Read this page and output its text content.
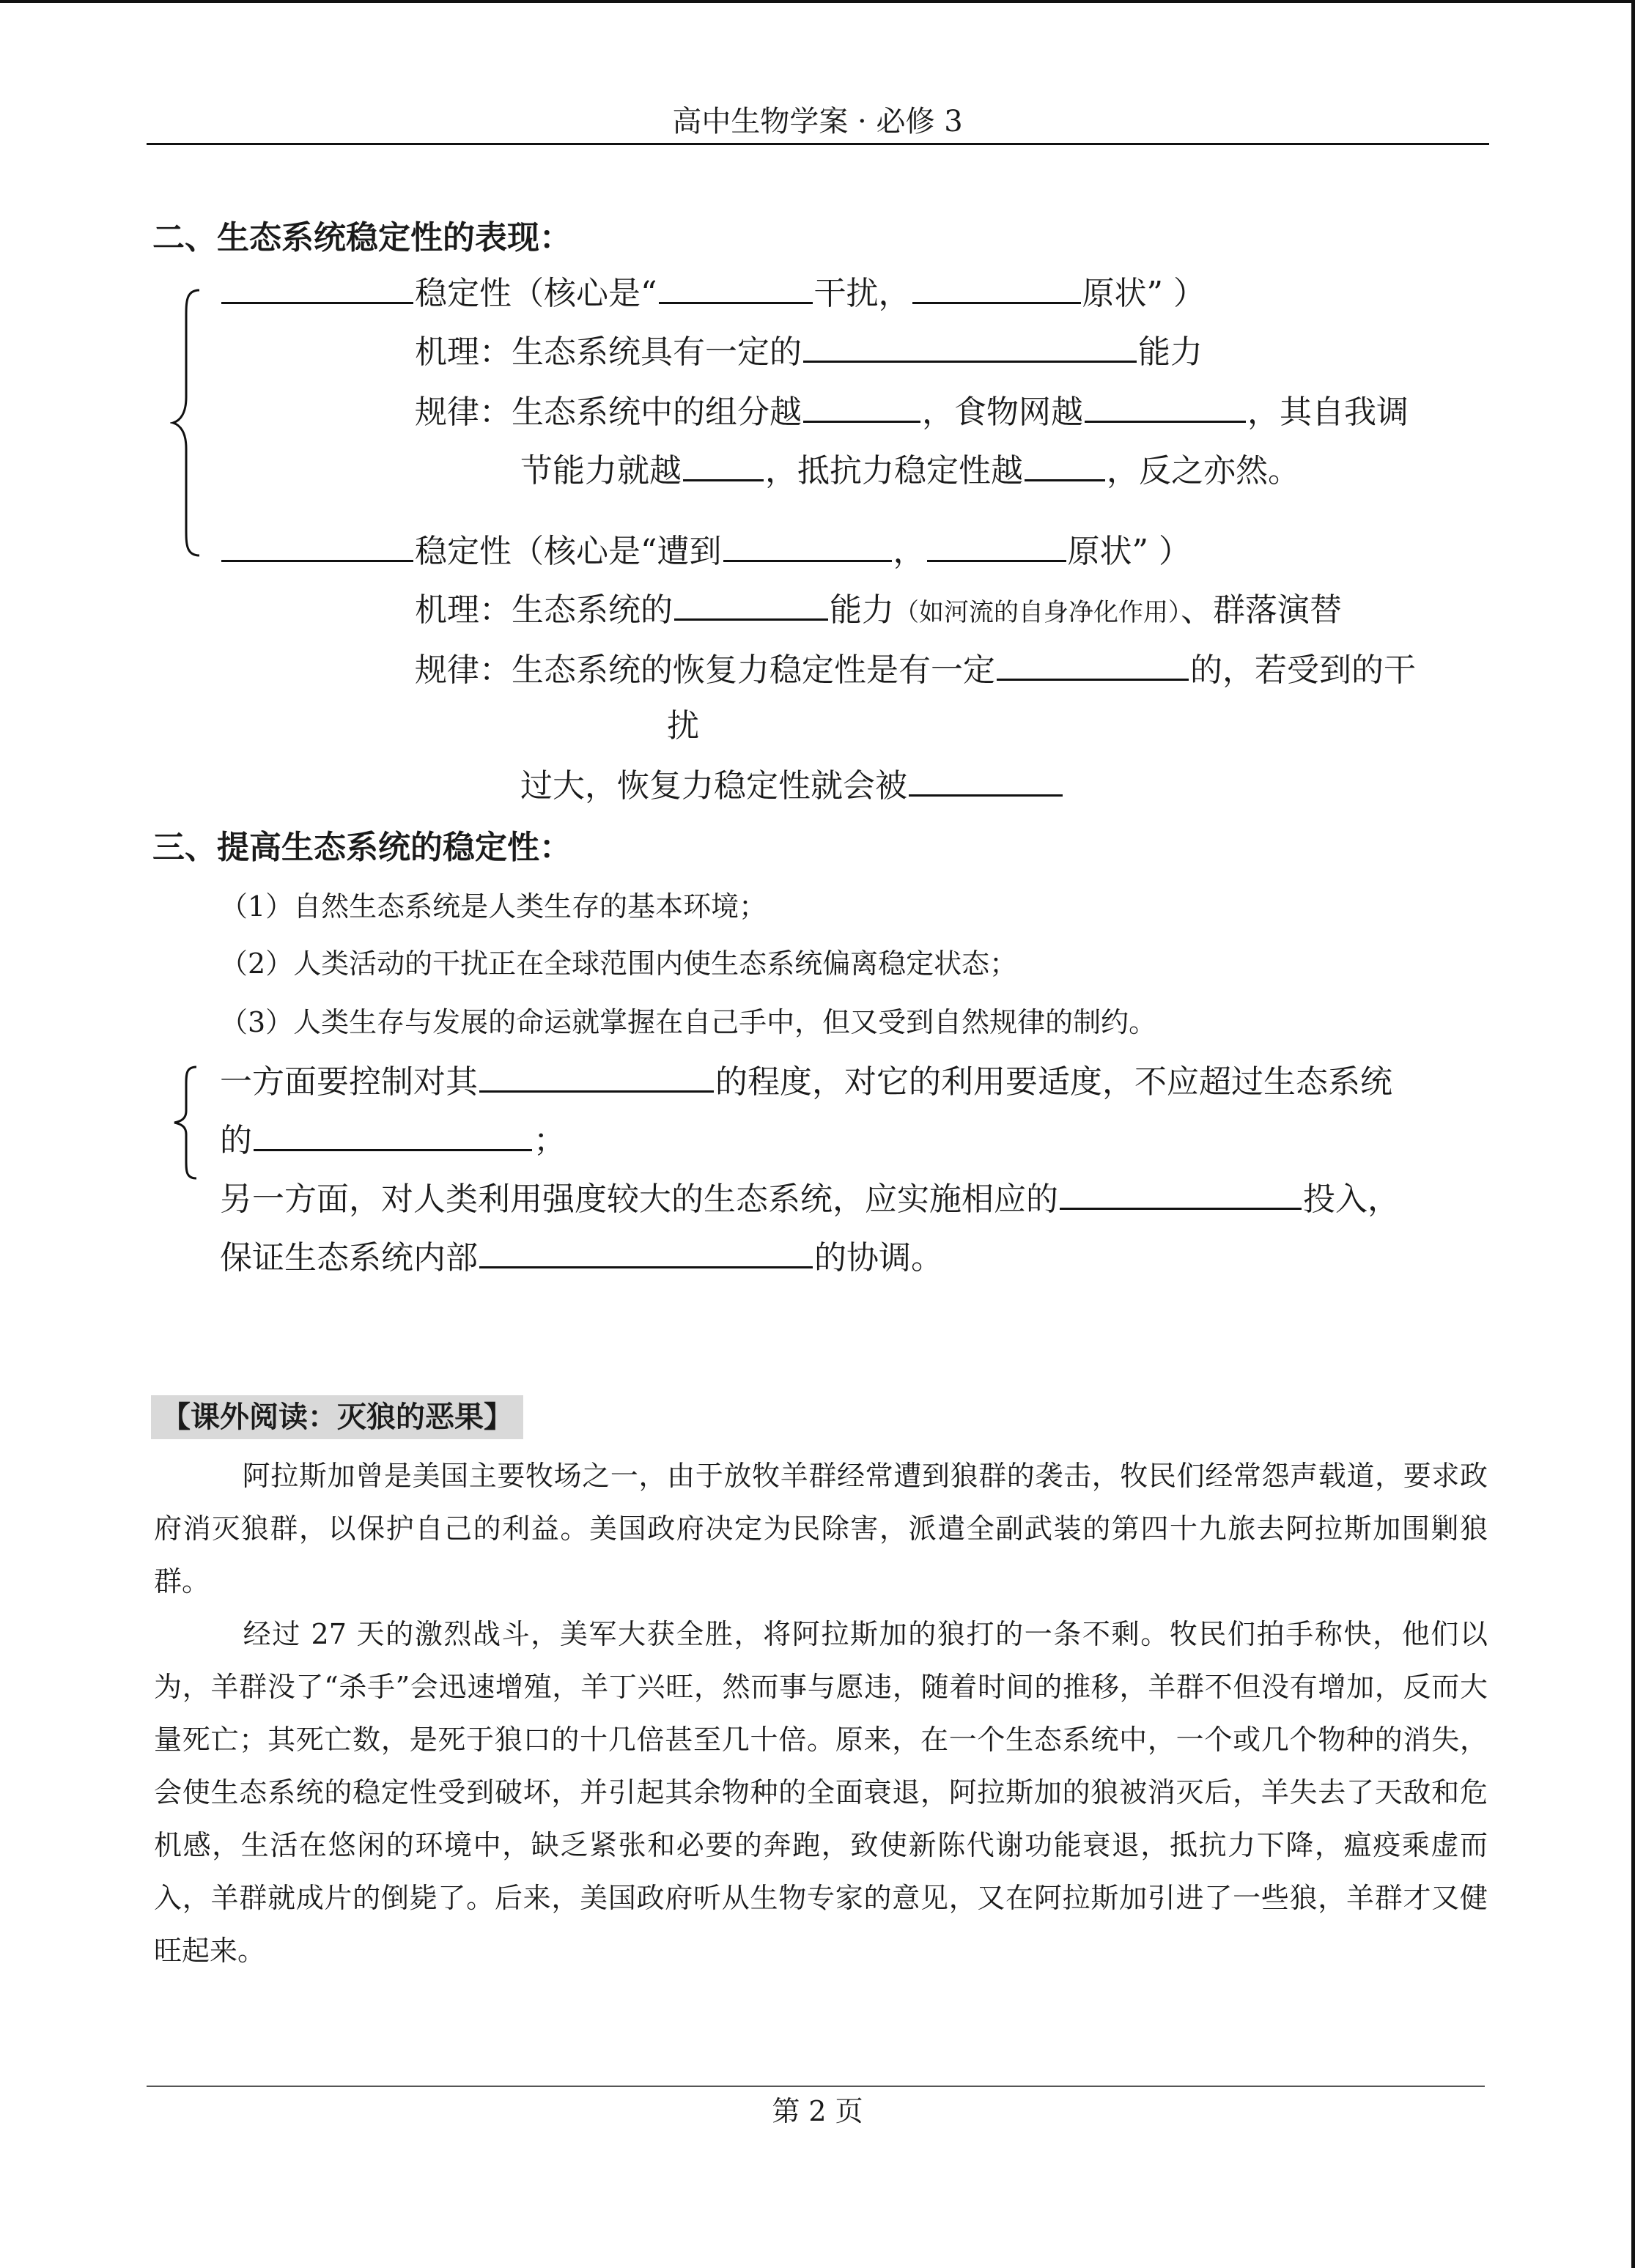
高中生物学案 · 必修 3
二、生态系统稳定性的表现：
稳定性（核心是“	干扰，	原状” ）
机理：生态系统具有一定的	能力
规律：生态系统中的组分越	，食物网越	，其自我调
节能力就越	，抵抗力稳定性越	，反之亦然。
稳定性（核心是“遭到	，	原状” ）
机理：生态系统的	能力（如河流的自身净化作用）、群落演替
规律：生态系统的恢复力稳定性是有一定	的，若受到的干
扰
过大，恢复力稳定性就会被
三、提高生态系统的稳定性：
（1）自然生态系统是人类生存的基本环境；
（2）人类活动的干扰正在全球范围内使生态系统偏离稳定状态；
（3）人类生存与发展的命运就掌握在自己手中，但又受到自然规律的制约。
一方面要控制对其	的程度，对它的利用要适度，不应超过生态系统
的	；
另一方面，对人类利用强度较大的生态系统，应实施相应的	投入，
保证生态系统内部	的协调。
【课外阅读：灭狼的恶果】
阿拉斯加曾是美国主要牧场之一，由于放牧羊群经常遭到狼群的袭击，牧民们经常怨声载道，要求政府消灭狼群，以保护自己的利益。美国政府决定为民除害，派遣全副武装的第四十九旅去阿拉斯加围剿狼群。
经过 27 天的激烈战斗，美军大获全胜，将阿拉斯加的狼打的一条不剩。牧民们拍手称快，他们以为，羊群没了“杀手”会迅速增殖，羊丁兴旺，然而事与愿违，随着时间的推移，羊群不但没有增加，反而大量死亡；其死亡数，是死于狼口的十几倍甚至几十倍。原来，在一个生态系统中，一个或几个物种的消失，会使生态系统的稳定性受到破坏，并引起其余物种的全面衰退，阿拉斯加的狼被消灭后，羊失去了天敌和危机感，生活在悠闲的环境中，缺乏紧张和必要的奔跑，致使新陈代谢功能衰退，抵抗力下降，瘟疫乘虚而入，羊群就成片的倒毙了。后来，美国政府听从生物专家的意见，又在阿拉斯加引进了一些狼，羊群才又健旺起来。
第 2 页
